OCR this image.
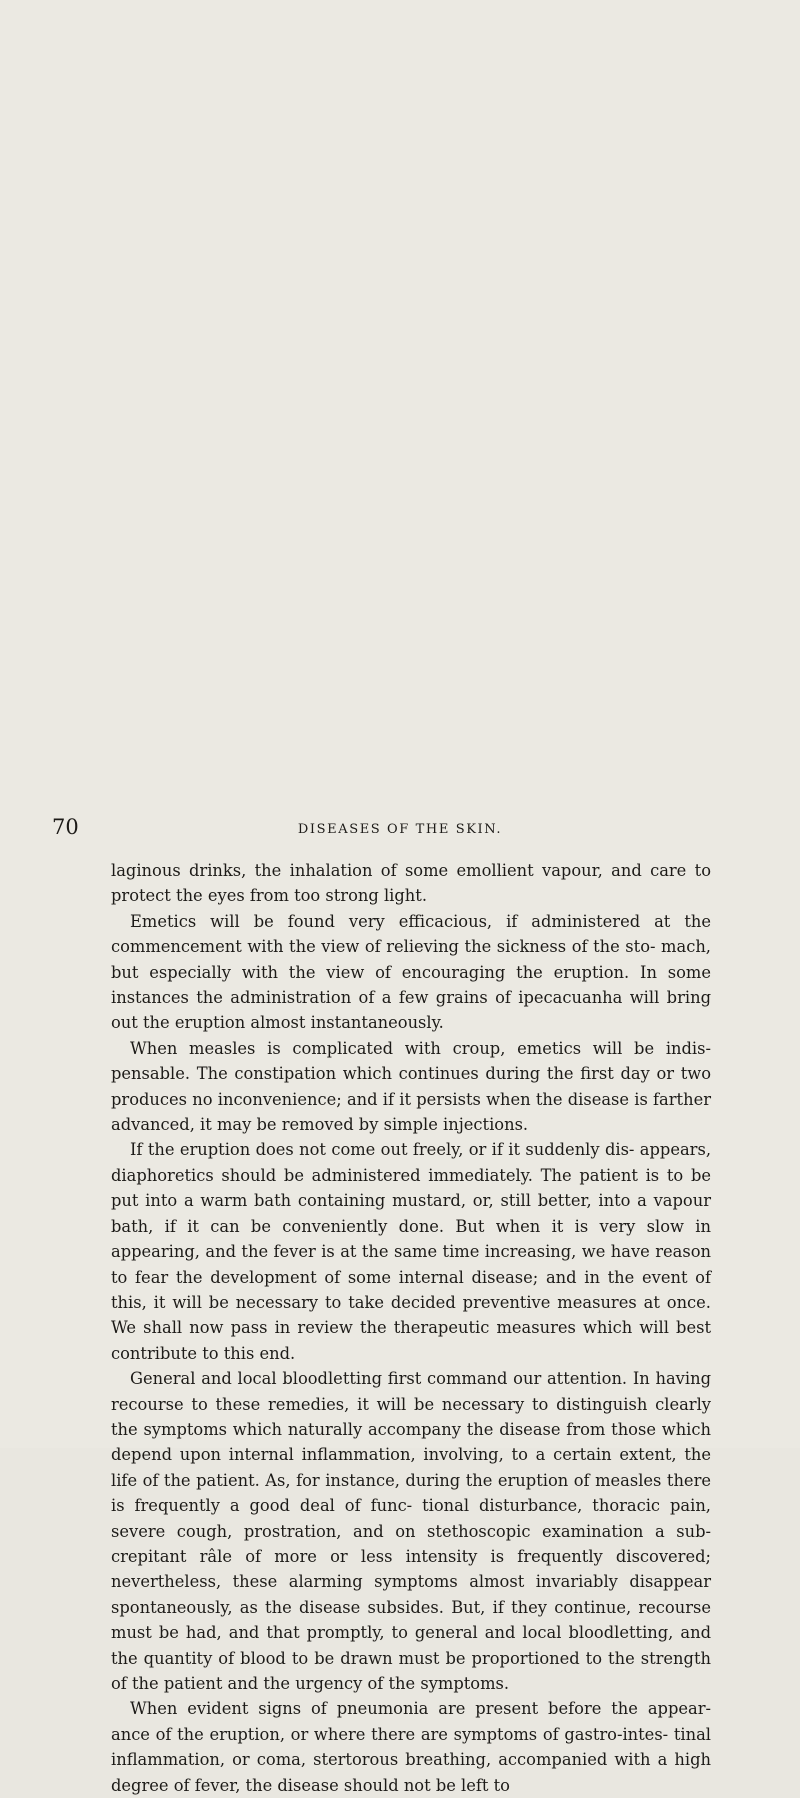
70	DISEASES OF THE SKIN.

laginous drinks, the inhalation of some emollient vapour, and care to protect the eyes from too strong light.

Emetics will be found very efficacious, if administered at the commencement with the view of relieving the sickness of the sto- mach, but especially with the view of encouraging the eruption. In some instances the administration of a few grains of ipecacuanha will bring out the eruption almost instantaneously.

When measles is complicated with croup, emetics will be indis- pensable. The constipation which continues during the first day or two produces no inconvenience; and if it persists when the disease is farther advanced, it may be removed by simple injections.

If the eruption does not come out freely, or if it suddenly dis- appears, diaphoretics should be administered immediately. The patient is to be put into a warm bath containing mustard, or, still better, into a vapour bath, if it can be conveniently done. But when it is very slow in appearing, and the fever is at the same time increasing, we have reason to fear the development of some internal disease; and in the event of this, it will be necessary to take decided preventive measures at once. We shall now pass in review the therapeutic measures which will best contribute to this end.

General and local bloodletting first command our attention. In having recourse to these remedies, it will be necessary to distinguish clearly the symptoms which naturally accompany the disease from those which depend upon internal inflammation, involving, to a certain extent, the life of the patient. As, for instance, during the eruption of measles there is frequently a good deal of func- tional disturbance, thoracic pain, severe cough, prostration, and on stethoscopic examination a sub-crepitant râle of more or less intensity is frequently discovered; nevertheless, these alarming symptoms almost invariably disappear spontaneously, as the disease subsides. But, if they continue, recourse must be had, and that promptly, to general and local bloodletting, and the quantity of blood to be drawn must be proportioned to the strength of the patient and the urgency of the symptoms.

When evident signs of pneumonia are present before the appear- ance of the eruption, or where there are symptoms of gastro-intes- tinal inflammation, or coma, stertorous breathing, accompanied with a high degree of fever, the disease should not be left to
